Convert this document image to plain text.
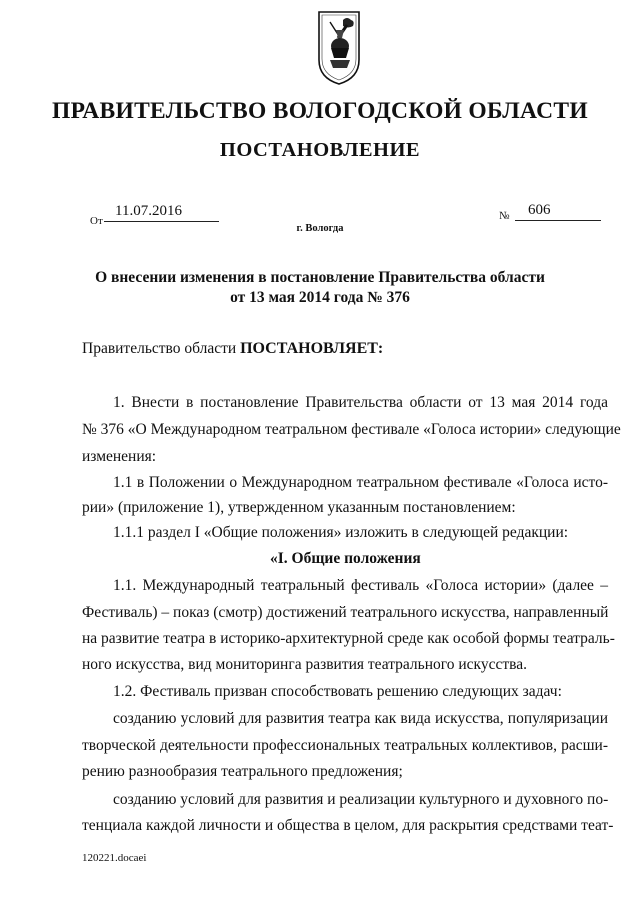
ПРАВИТЕЛЬСТВО ВОЛОГОДСКОЙ ОБЛАСТИ
ПОСТАНОВЛЕНИЕ
От
11.07.2016	№ 606
г. Вологда
О внесении изменения в постановление Правительства области
от 13 мая 2014 года № 376
Правительство области ПОСТАНОВЛЯЕТ:
1. Внести в постановление Правительства области от 13 мая 2014 года
№ 376 «О Международном театральном фестивале «Голоса истории» следующие
изменения:
1.1 в Положении о Международном театральном фестивале «Голоса исто-
рии» (приложение 1), утвержденном указанным постановлением:
1.1.1 раздел I «Общие положения» изложить в следующей редакции:
«I. Общие положения
1.1. Международный театральный фестиваль «Голоса истории» (далее –
Фестиваль) – показ (смотр) достижений театрального искусства, направленный
на развитие театра в историко-архитектурной среде как особой формы театраль-
ного искусства, вид мониторинга развития театрального искусства.
1.2. Фестиваль призван способствовать решению следующих задач:
созданию условий для развития театра как вида искусства, популяризации
творческой деятельности профессиональных театральных коллективов, расши-
рению разнообразия театрального предложения;
созданию условий для развития и реализации культурного и духовного по-
тенциала каждой личности и общества в целом, для раскрытия средствами теат-
120221.docaei
